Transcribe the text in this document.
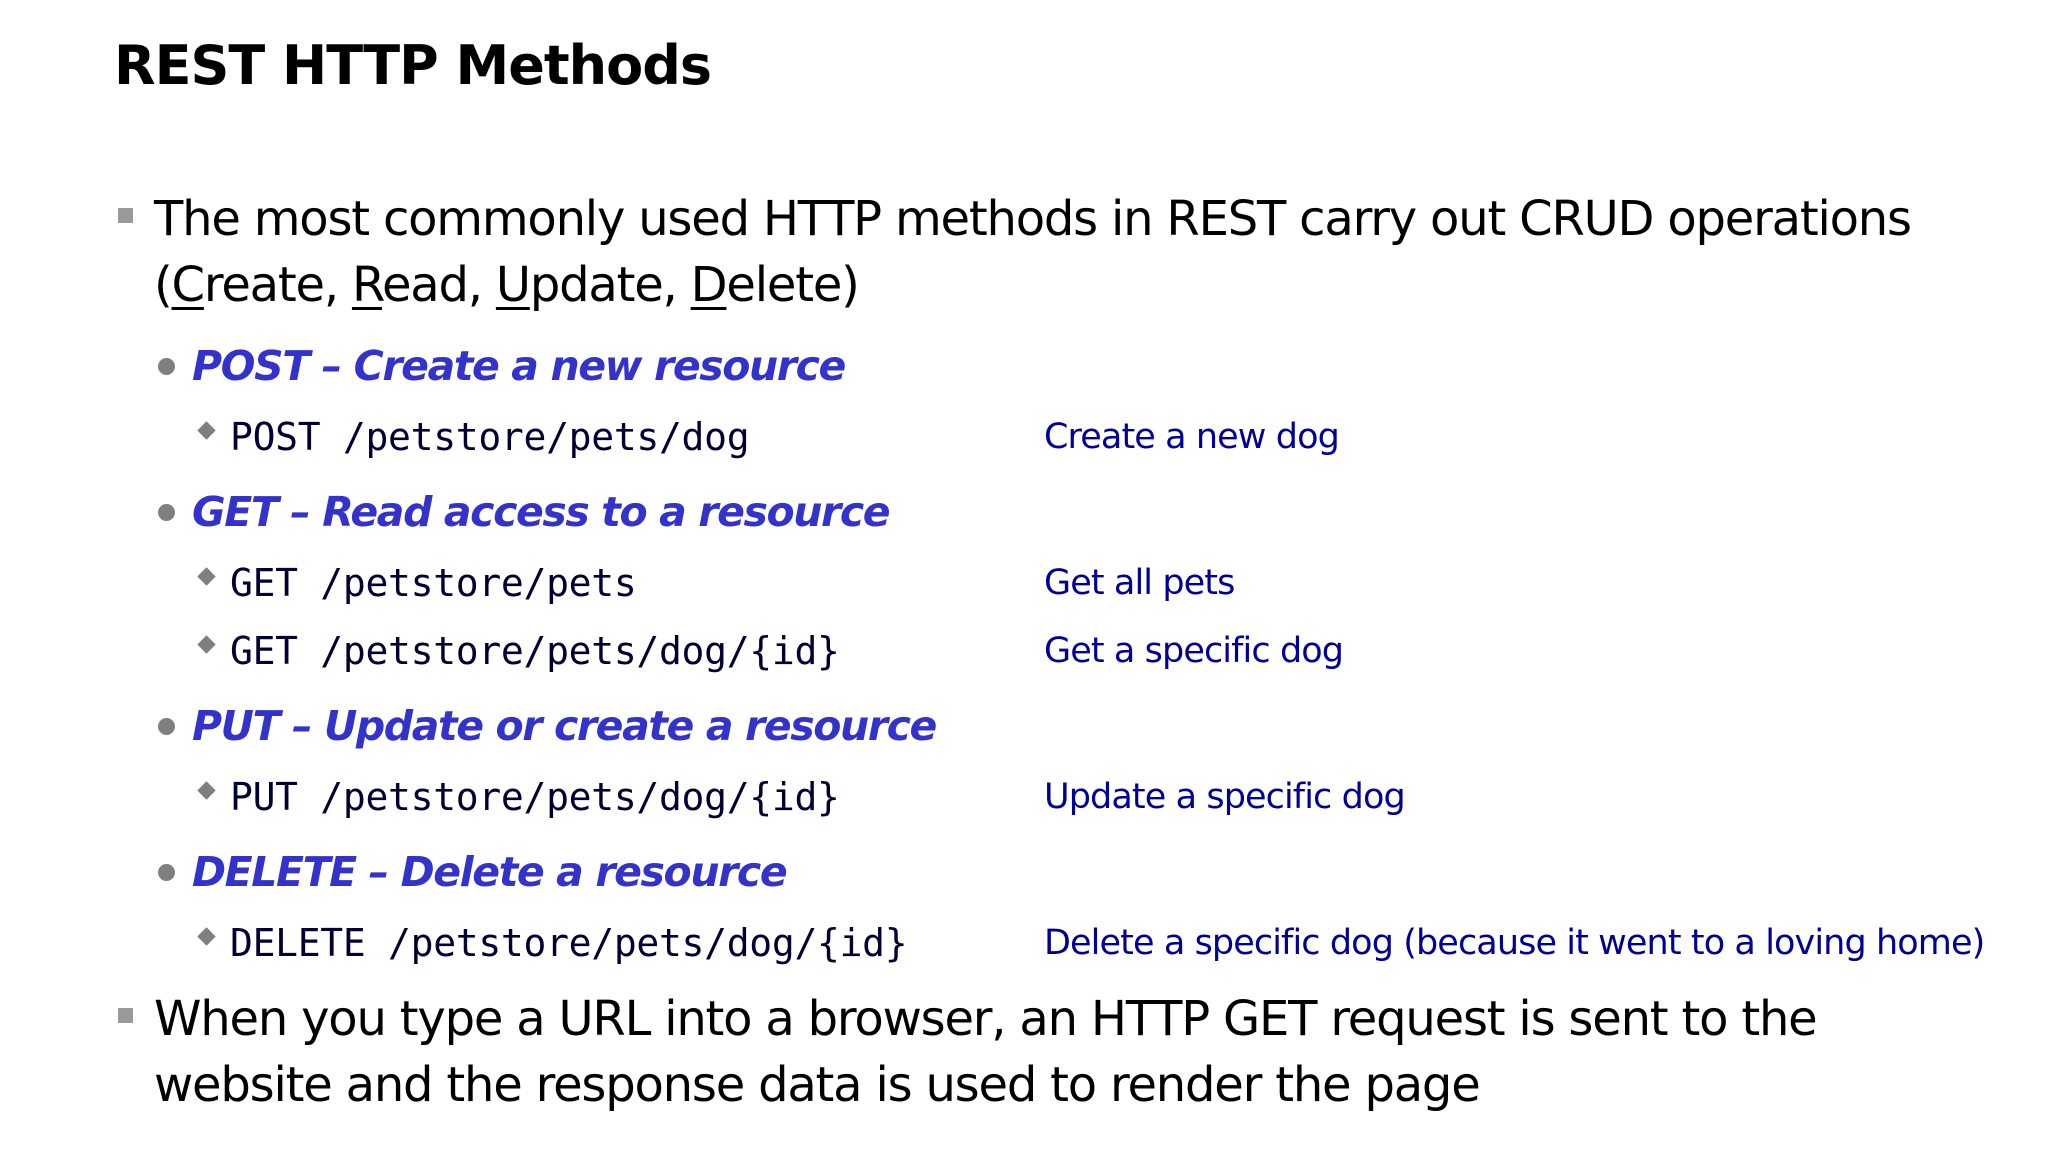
REST HTTP Methods
The most commonly used HTTP methods in REST carry out CRUD operations
(Create, Read, Update, Delete)
POST – Create a new resource
POST /petstore/pets/dog	Create a new dog
GET – Read access to a resource
GET /petstore/pets	Get all pets
GET /petstore/pets/dog/{id}	Get a specific dog
PUT – Update or create a resource
PUT /petstore/pets/dog/{id}	Update a specific dog
DELETE – Delete a resource
DELETE /petstore/pets/dog/{id}	Delete a specific dog (because it went to a loving home)
When you type a URL into a browser, an HTTP GET request is sent to the
website and the response data is used to render the page
